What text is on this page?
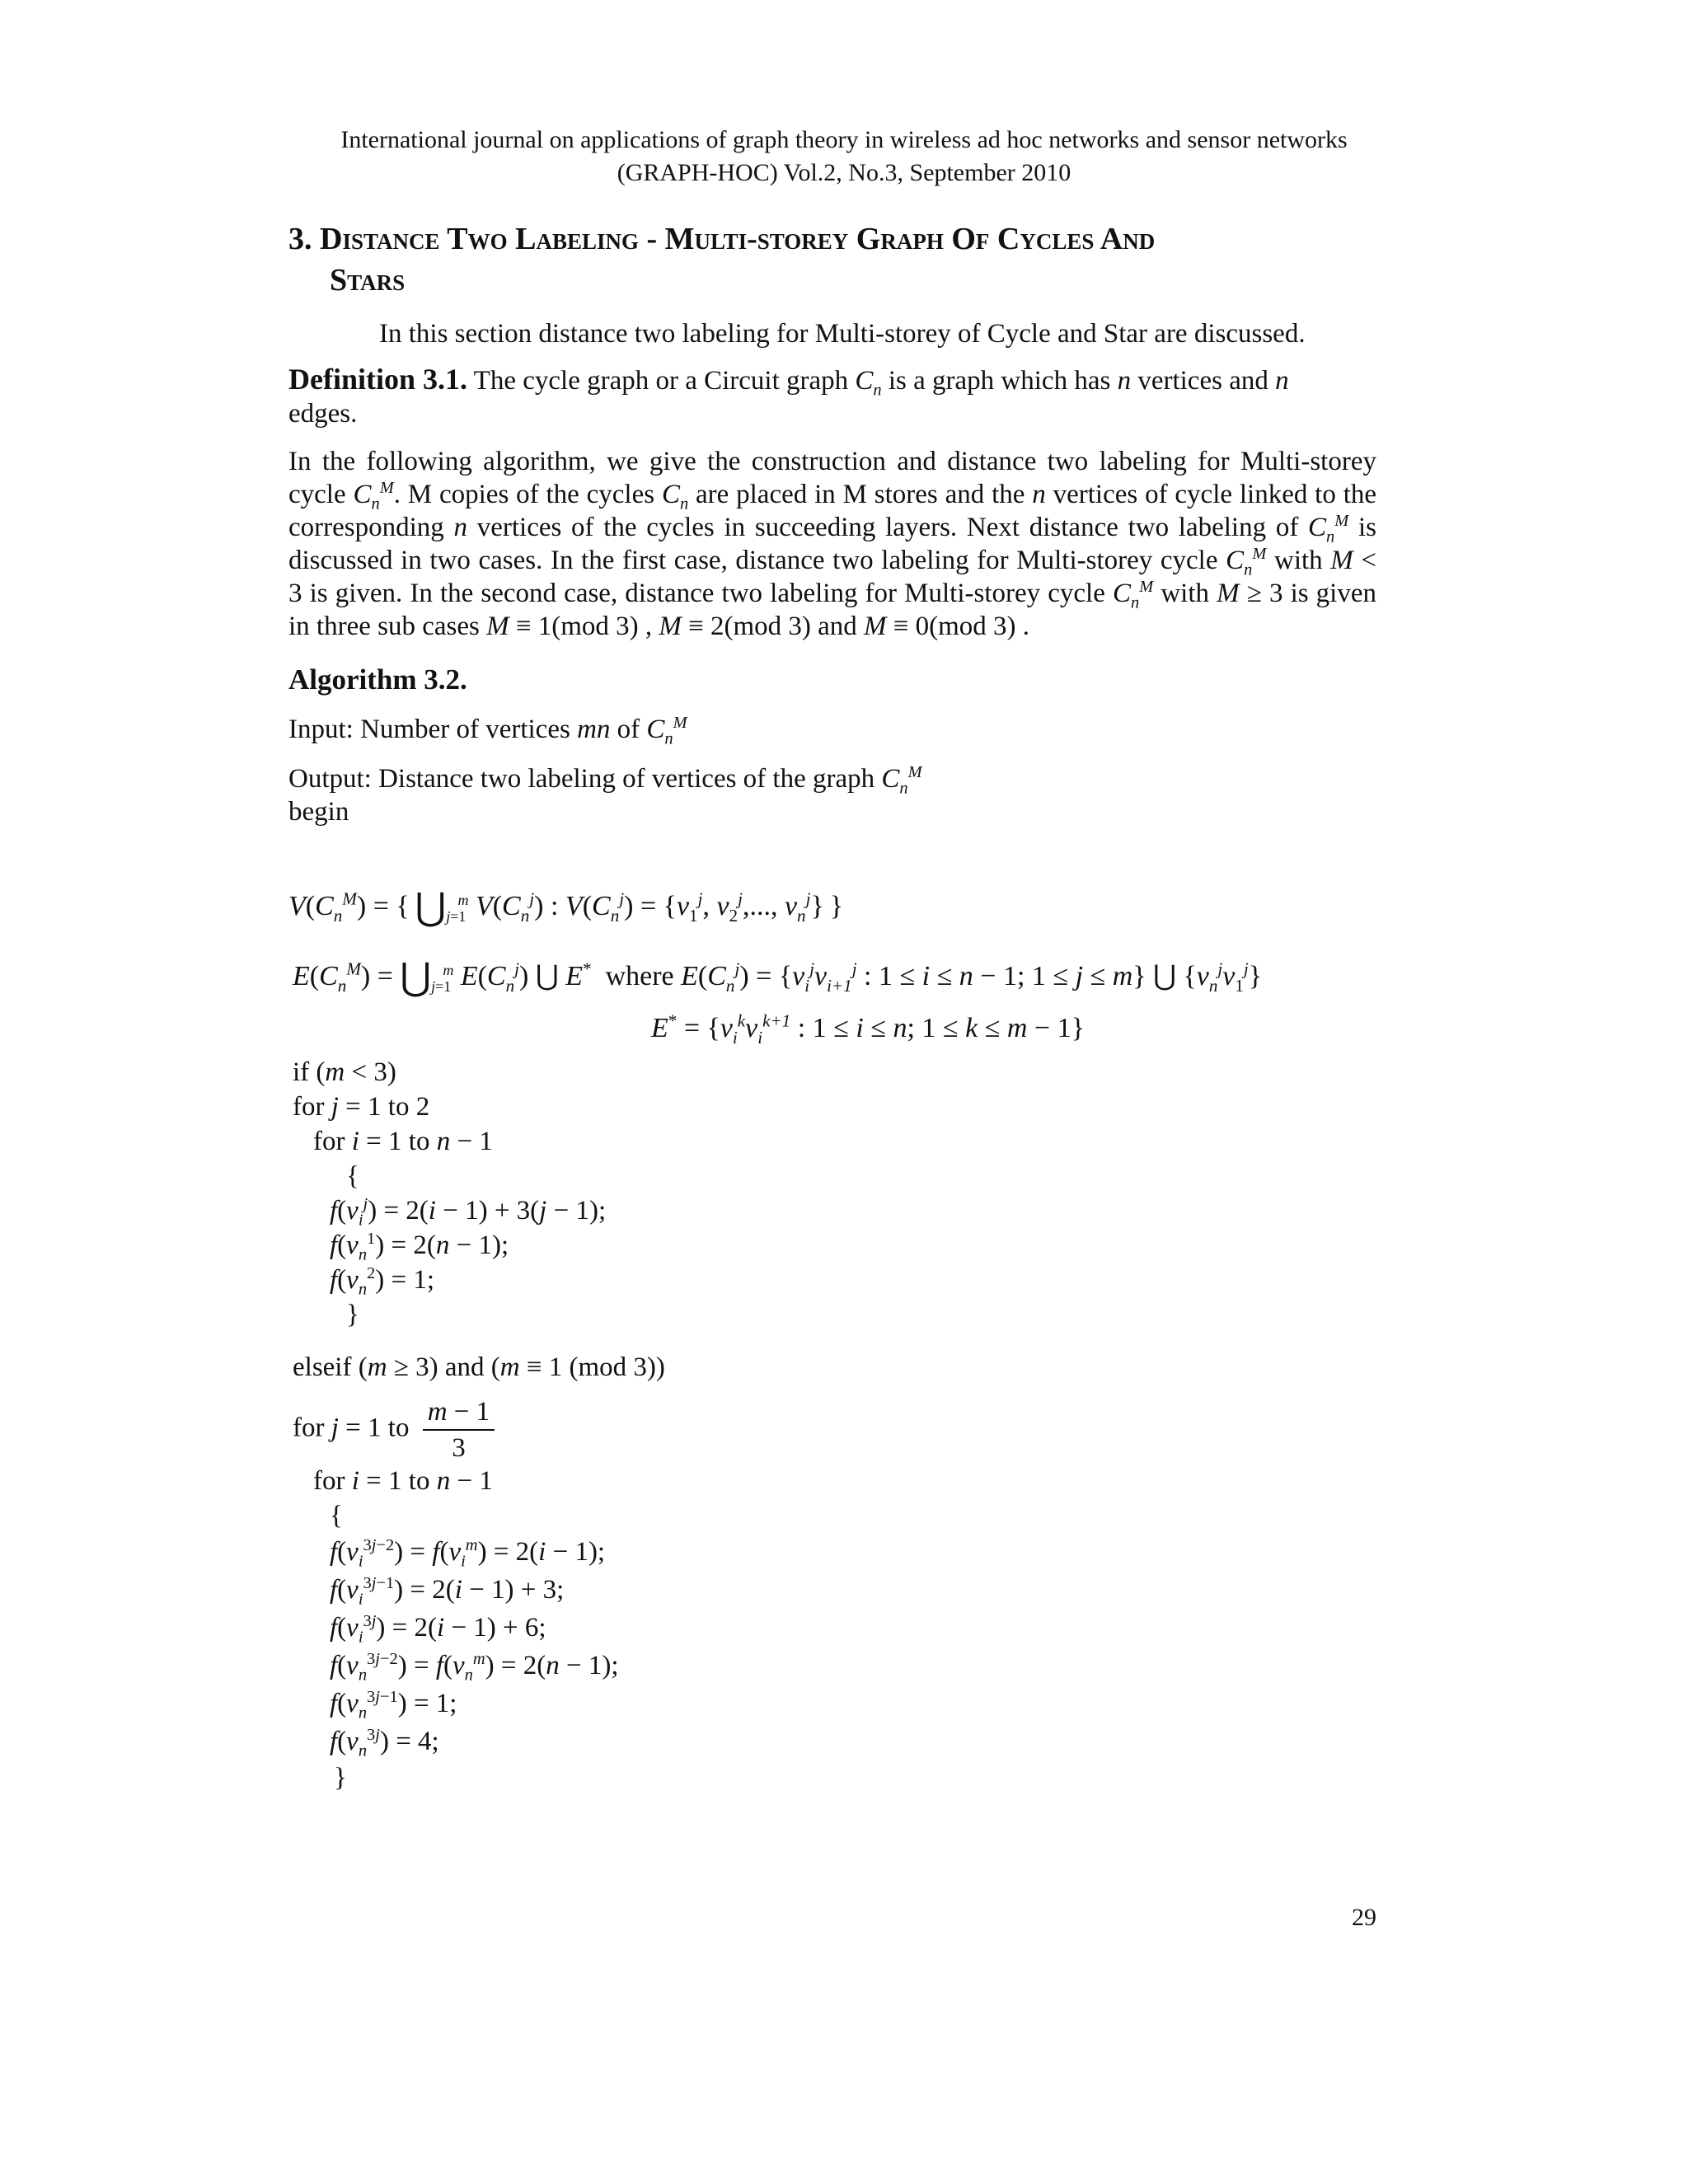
International journal on applications of graph theory in wireless ad hoc networks and sensor networks
(GRAPH-HOC) Vol.2, No.3, September 2010
3. Distance Two Labeling - Multi-storey Graph Of Cycles And
Stars
In this section distance two labeling for Multi-storey of Cycle and Star are discussed.
Definition 3.1. The cycle graph or a Circuit graph $C_n$ is a graph which has n vertices and n
edges.
In the following algorithm, we give the construction and distance two labeling for Multi-storey cycle $C_n^M$. M copies of the cycles $C_n$ are placed in M stores and the n vertices of cycle linked to the corresponding n vertices of the cycles in succeeding layers. Next distance two labeling of $C_n^M$ is discussed in two cases. In the first case, distance two labeling for Multi-storey cycle $C_n^M$ with M < 3 is given. In the second case, distance two labeling for Multi-storey cycle $C_n^M$ with M ≥ 3 is given in three sub cases M ≡ 1(mod 3) , M ≡ 2(mod 3) and M ≡ 0(mod 3) .
Algorithm 3.2.
Input: Number of vertices mn of $C_n^M$
Output: Distance two labeling of vertices of the graph $C_n^M$
begin
$V(C_n^M)$ = { $⋃_{j=1}^m$ $V(C_n^j)$ : $V(C_n^j) = \{v_1^j$, $v_2^j$,..., $v_n^j$} }
$E(C_n^M)$ = $⋃_{j=1}^m$ $E(C_n^j)$ ⋃ E* where $E(C_n^j) = \{v_i^jv_{i+1}^j$ : 1 ≤ i ≤ n − 1; 1 ≤ j ≤ m} ⋃ $\{v_n^jv_1^j\}$
$E^* = \{v_i^kv_i^{k+1}$ : 1 ≤ i ≤ n; 1 ≤ k ≤ m − 1}
if (m < 3)
for j = 1 to 2
for i = 1 to n − 1
{
$f(v_i^j) = 2(i - 1) + 3(j - 1)$;
$f(v_n^1) = 2(n - 1)$;
$f(v_n^2) = 1$;
}
elseif (m ≥ 3) and (m ≡ 1 (mod 3))
for j = 1 to $\frac{m - 1}{3}$
for i = 1 to n − 1
{
$f(v_i^{3j-2}) = f(v_i^m) = 2(i - 1)$;
$f(v_i^{3j-1}) = 2(i - 1) + 3$;
$f(v_i^{3j}) = 2(i - 1) + 6$;
$f(v_n^{3j-2}) = f(v_n^m) = 2(n - 1)$;
$f(v_n^{3j-1}) = 1$;
$f(v_n^{3j}) = 4$;
}
29
